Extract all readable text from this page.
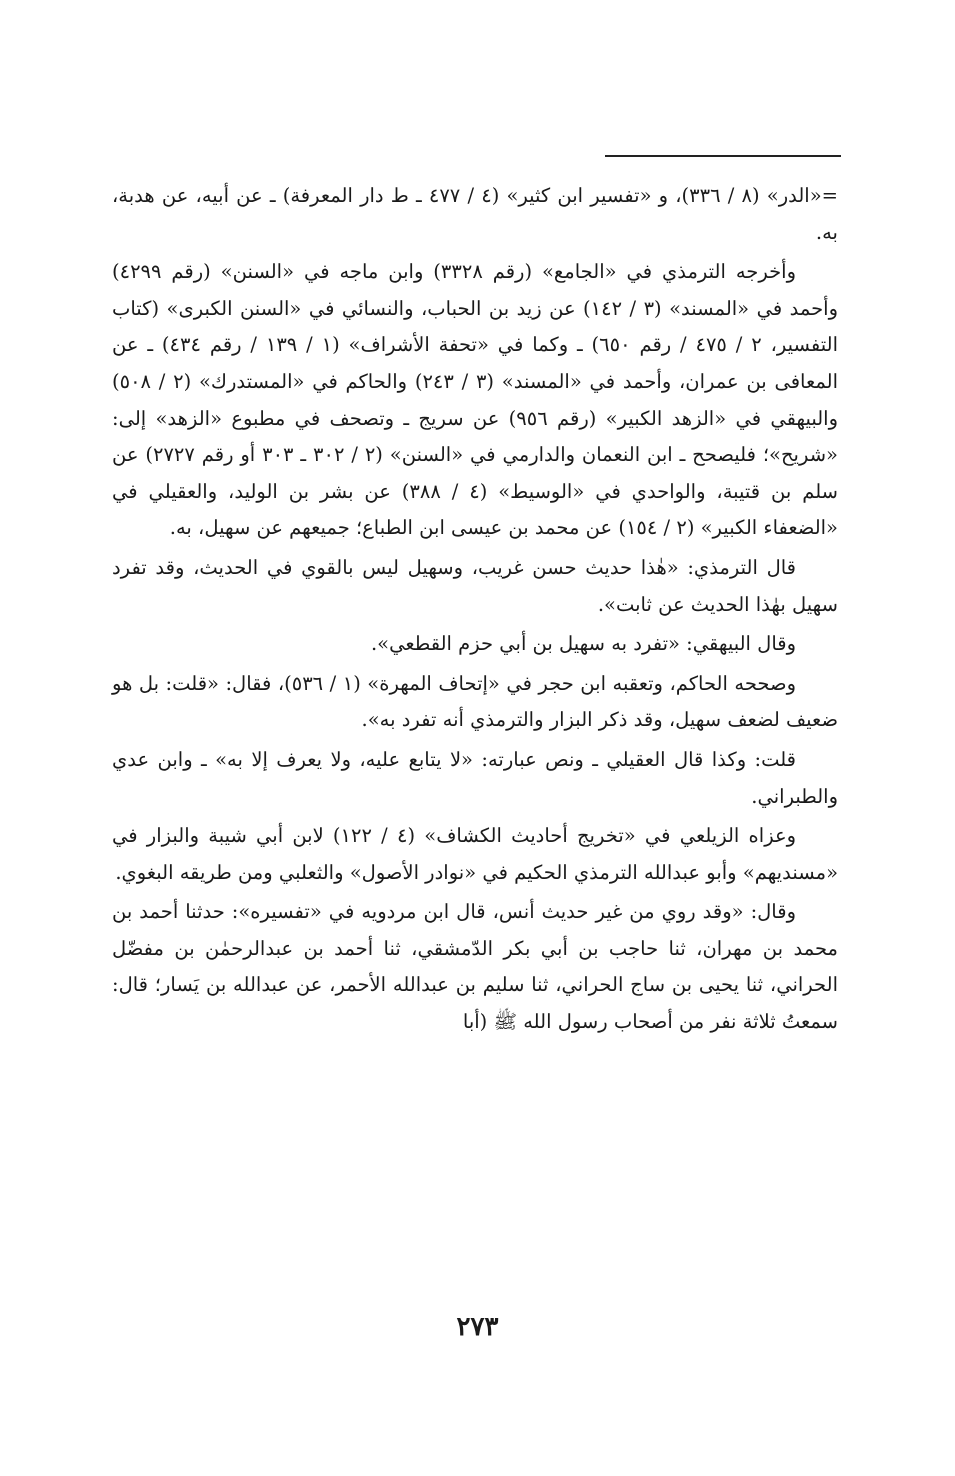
=«الدر» (٨ / ٣٣٦)، و «تفسير ابن كثير» (٤ / ٤٧٧ ـ ط دار المعرفة) ـ عن أبيه، عن هدبة، به.

وأخرجه الترمذي في «الجامع» (رقم ٣٣٢٨) وابن ماجه في «السنن» (رقم ٤٢٩٩) وأحمد في «المسند» (٣ / ١٤٢) عن زيد بن الحباب، والنسائي في «السنن الكبرى» (كتاب التفسير، ٢ / ٤٧٥ / رقم ٦٥٠) ـ وكما في «تحفة الأشراف» (١ / ١٣٩ / رقم ٤٣٤) ـ عن المعافى بن عمران، وأحمد في «المسند» (٣ / ٢٤٣) والحاكم في «المستدرك» (٢ / ٥٠٨) والبيهقي في «الزهد الكبير» (رقم ٩٥٦) عن سريج ـ وتصحف في مطبوع «الزهد» إلى: «شريح»؛ فليصحح ـ ابن النعمان والدارمي في «السنن» (٢ / ٣٠٢ ـ ٣٠٣ أو رقم ٢٧٢٧) عن سلم بن قتيبة، والواحدي في «الوسيط» (٤ / ٣٨٨) عن بشر بن الوليد، والعقيلي في «الضعفاء الكبير» (٢ / ١٥٤) عن محمد بن عيسى ابن الطباع؛ جميعهم عن سهيل، به.

قال الترمذي: «هٰذا حديث حسن غريب، وسهيل ليس بالقوي في الحديث، وقد تفرد سهيل بهٰذا الحديث عن ثابت».

وقال البيهقي: «تفرد به سهيل بن أبي حزم القطعي».

وصححه الحاكم، وتعقبه ابن حجر في «إتحاف المهرة» (١ / ٥٣٦)، فقال: «قلت: بل هو ضعيف لضعف سهيل، وقد ذكر البزار والترمذي أنه تفرد به».

قلت: وكذا قال العقيلي ـ ونص عبارته: «لا يتابع عليه، ولا يعرف إلا به» ـ وابن عدي والطبراني.

وعزاه الزيلعي في «تخريج أحاديث الكشاف» (٤ / ١٢٢) لابن أبي شيبة والبزار في «مسنديهم» وأبو عبدالله الترمذي الحكيم في «نوادر الأصول» والثعلبي ومن طريقه البغوي.

وقال: «وقد روي من غير حديث أنس، قال ابن مردويه في «تفسيره»: حدثنا أحمد بن محمد بن مهران، ثنا حاجب بن أبي بكر الدّمشقي، ثنا أحمد بن عبدالرحمٰن بن مفضّل الحراني، ثنا يحيى بن ساج الحراني، ثنا سليم بن عبدالله الأحمر، عن عبدالله بن يَسار؛ قال: سمعتُ ثلاثة نفر من أصحاب رسول الله ﷺ (أبا

٢٧٣
